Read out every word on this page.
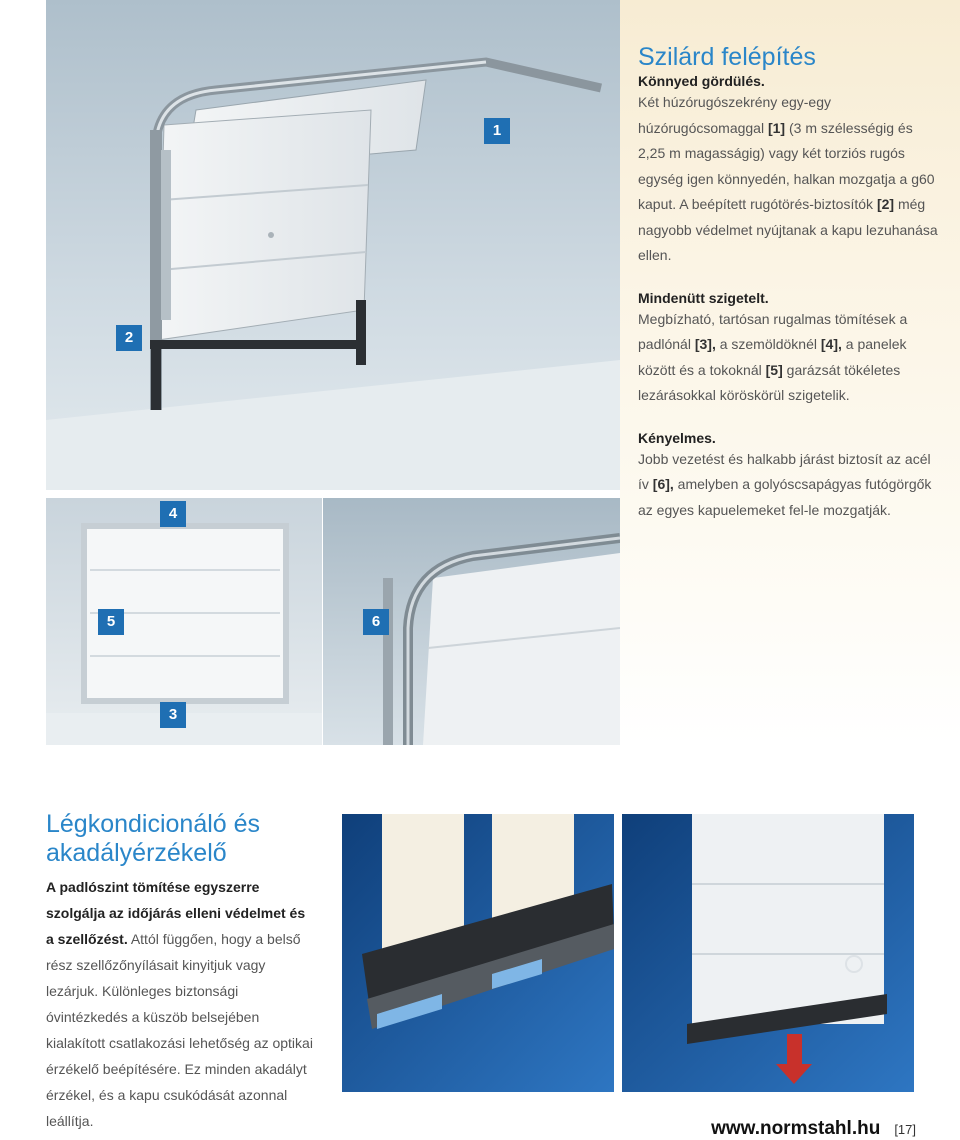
1
2
4
5
3
6
Szilárd felépítés

Könnyed gördülés.

Két húzórugószekrény egy-egy húzórugócsomaggal [1] (3 m szélességig és 2,25 m magasságig) vagy két torziós rugós egység igen könnyedén, halkan mozgatja a g60 kaput. A beépített rugótörés-biztosítók [2] még nagyobb védelmet nyújtanak a kapu lezuhanása ellen.

Mindenütt szigetelt.

Megbízható, tartósan rugalmas tömítések a padlónál [3], a szemöldöknél [4], a panelek között és a tokoknál [5] garázsát tökéletes lezárásokkal köröskörül szigetelik.

Kényelmes.

Jobb vezetést és halkabb járást biztosít az acél ív [6], amelyben a golyóscsapágyas futógörgők az egyes kapuelemeket fel-le mozgatják.

Légkondicionáló és
akadályérzékelő

A padlószint tömítése egyszerre szolgálja az időjárás elleni védelmet és a szellőzést. Attól függően, hogy a belső rész szellőzőnyílásait kinyitjuk vagy lezárjuk. Különleges biztonsági óvintézkedés a küszöb belsejében kialakított csatlakozási lehetőség az optikai érzékelő beépítésére. Ez minden akadályt érzékel, és a kapu csukódását azonnal leállítja.	www.normstahl.hu [17]
